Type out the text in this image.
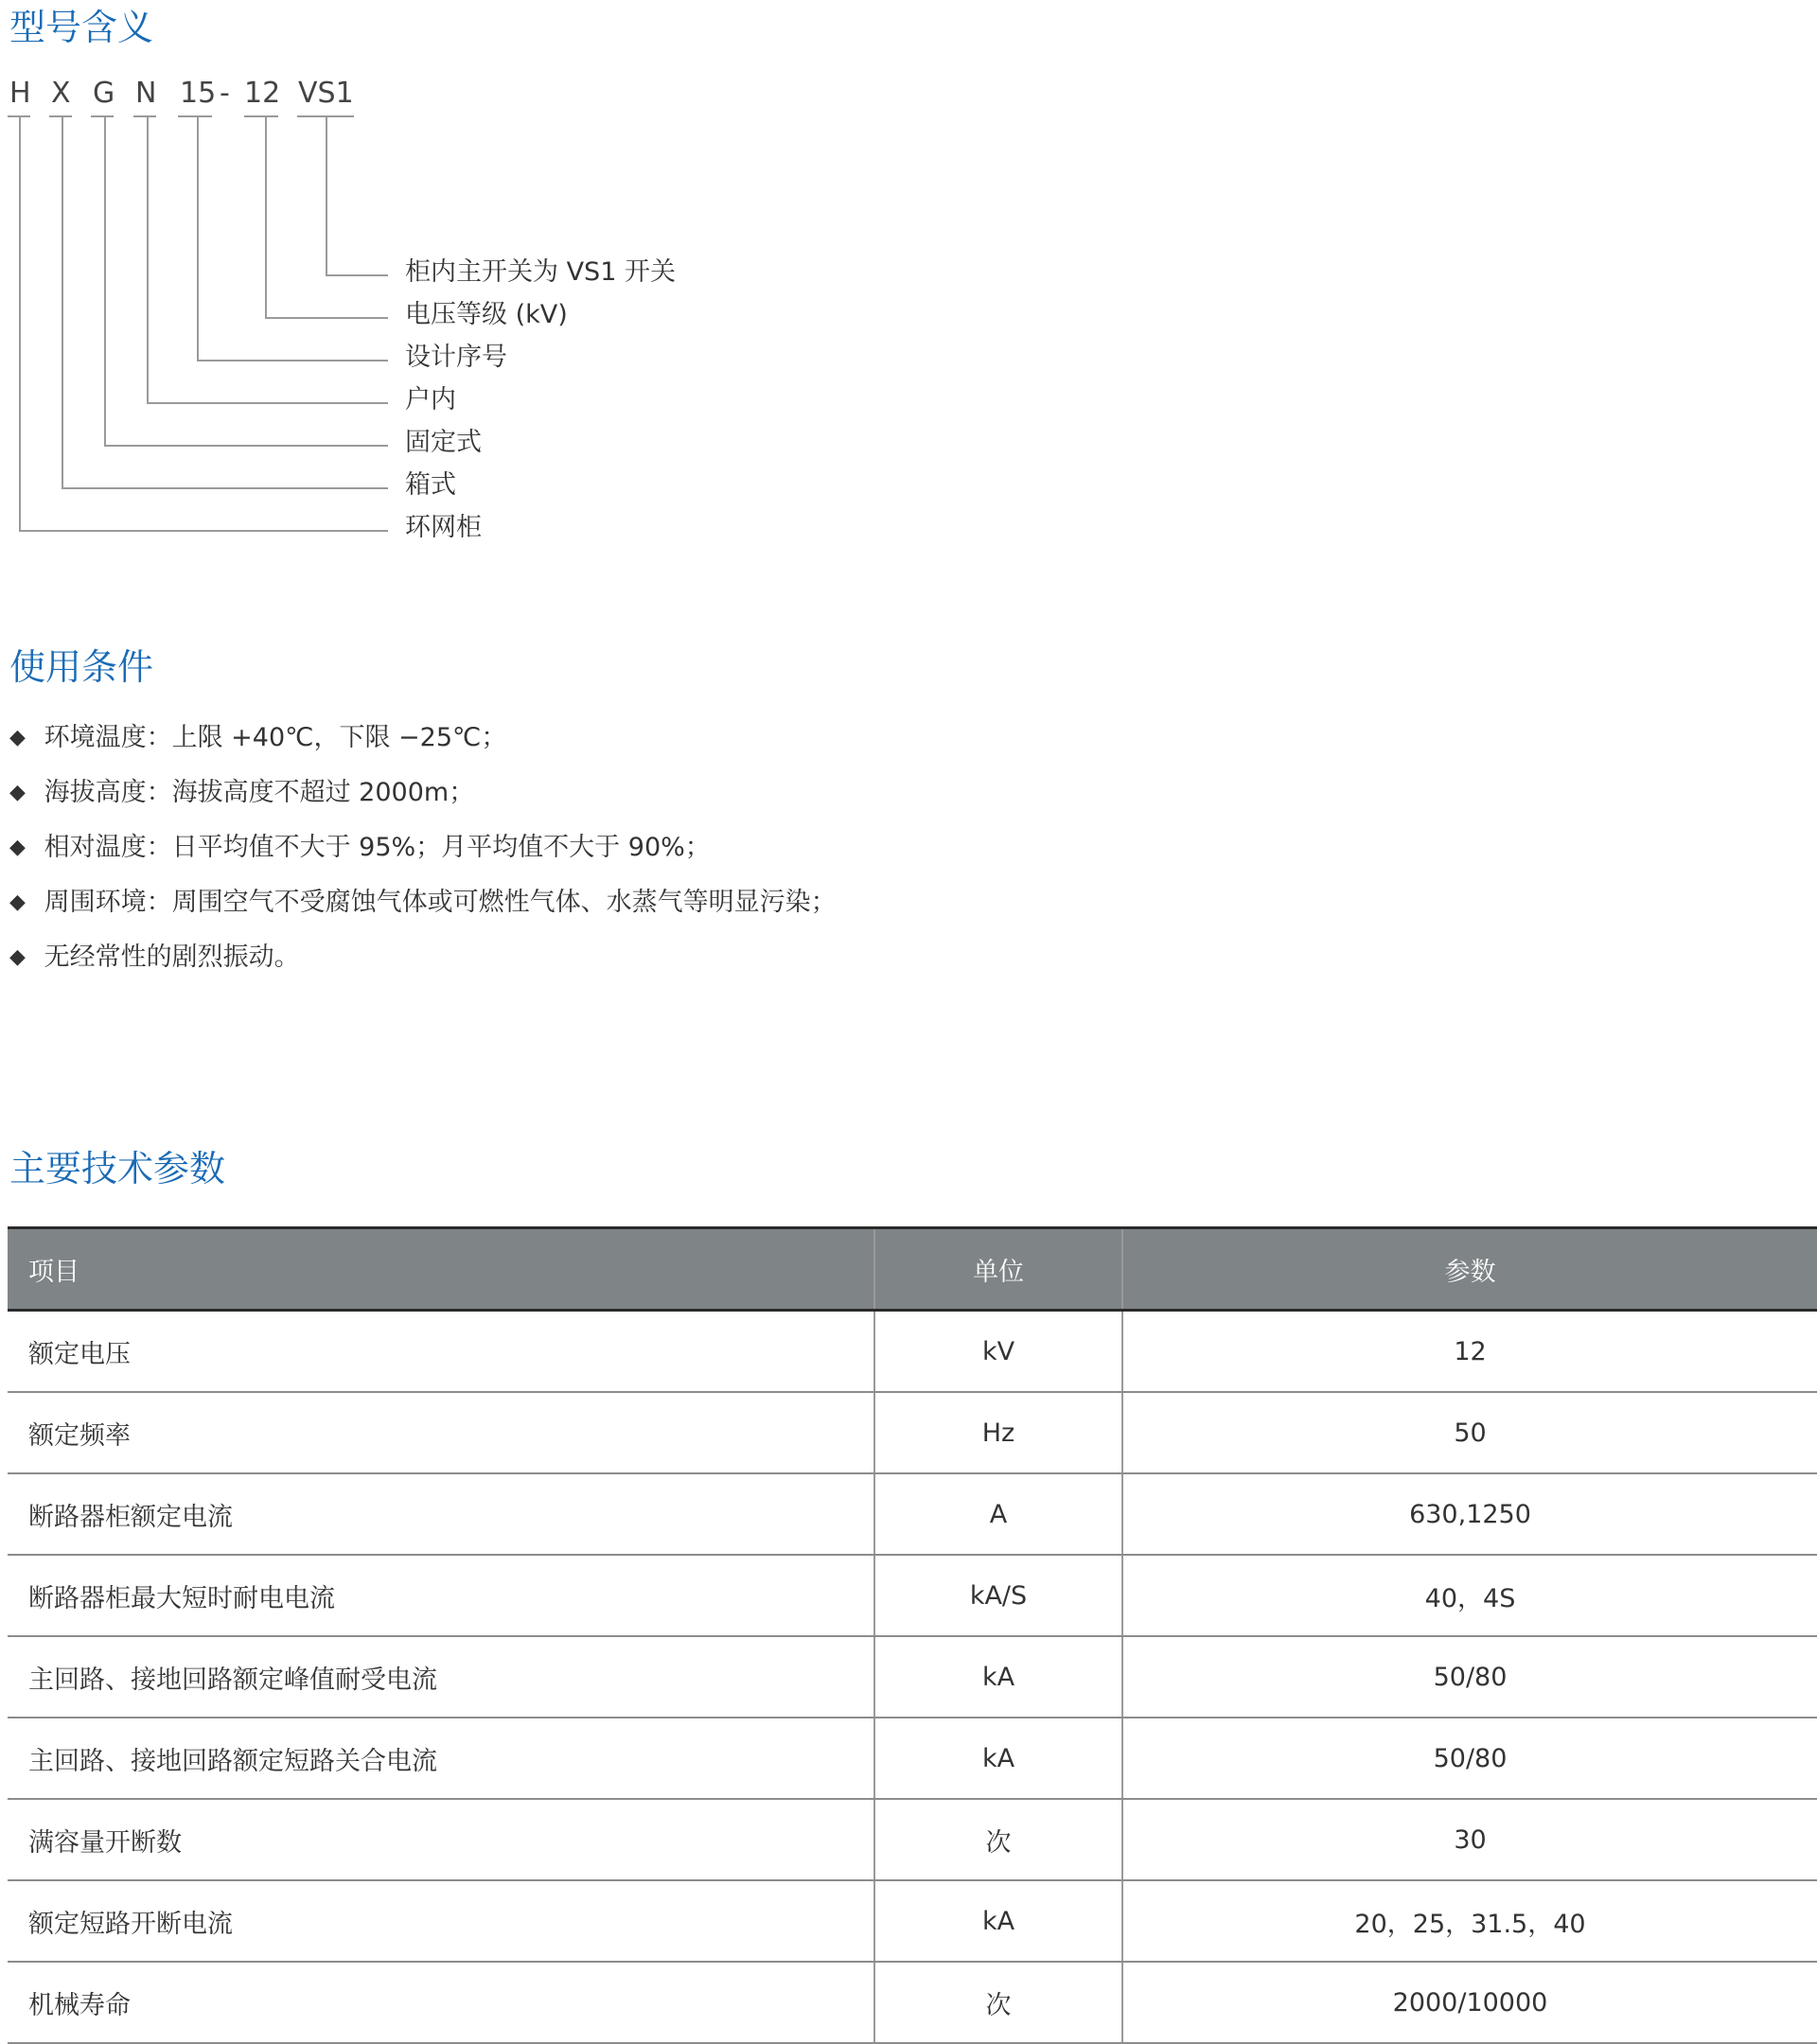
型号含义
H X G N 15 - 12 VS1
柜内主开关为 VS1 开关
电压等级 (kV)
设计序号
户内
固定式
箱式
环网柜
使用条件
◆ 环境温度：上限 +40℃，下限 −25℃；
◆ 海拔高度：海拔高度不超过 2000m；
◆ 相对温度：日平均值不大于 95%；月平均值不大于 90%；
◆ 周围环境：周围空气不受腐蚀气体或可燃性气体、水蒸气等明显污染；
◆ 无经常性的剧烈振动。
主要技术参数
项目	单位	参数
额定电压	kV	12
额定频率	Hz	50
断路器柜额定电流	A	630,1250
断路器柜最大短时耐电电流	kA/S	40，4S
主回路、接地回路额定峰值耐受电流	kA	50/80
主回路、接地回路额定短路关合电流	kA	50/80
满容量开断数	次	30
额定短路开断电流	kA	20，25，31.5，40
机械寿命	次	2000/10000
